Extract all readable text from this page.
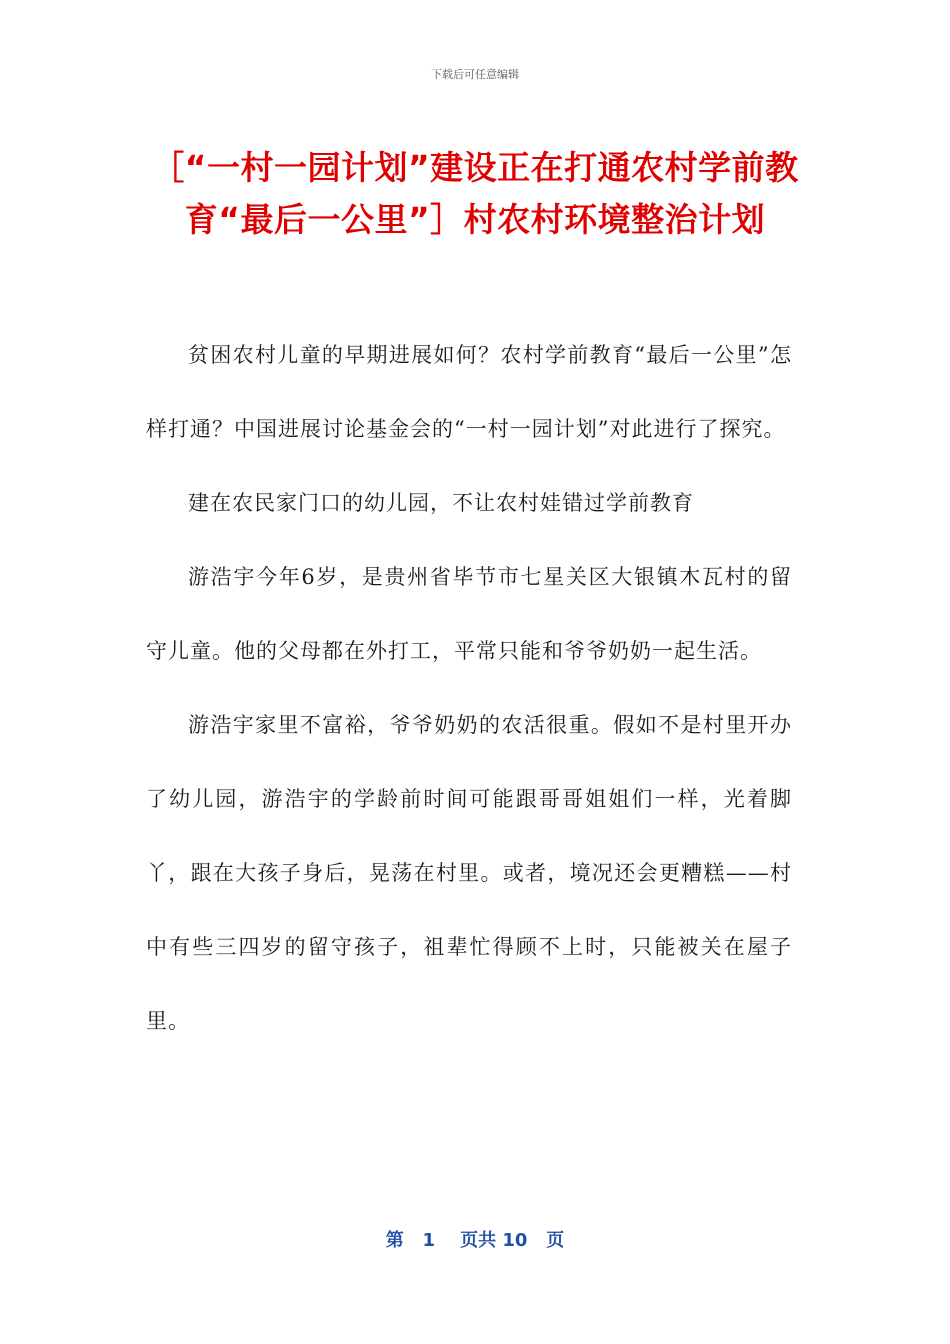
下载后可任意编辑
［“一村一园计划”建设正在打通农村学前教育“最后一公里”］村农村环境整治计划

贫困农村儿童的早期进展如何？农村学前教育“最后一公里”怎样打通？中国进展讨论基金会的“一村一园计划”对此进行了探究。

建在农民家门口的幼儿园，不让农村娃错过学前教育

游浩宇今年6岁，是贵州省毕节市七星关区大银镇木瓦村的留守儿童。他的父母都在外打工，平常只能和爷爷奶奶一起生活。

游浩宇家里不富裕，爷爷奶奶的农活很重。假如不是村里开办了幼儿园，游浩宇的学龄前时间可能跟哥哥姐姐们一样，光着脚丫，跟在大孩子身后，晃荡在村里。或者，境况还会更糟糕——村中有些三四岁的留守孩子，祖辈忙得顾不上时，只能被关在屋子里。

第 1 页共 10 页
